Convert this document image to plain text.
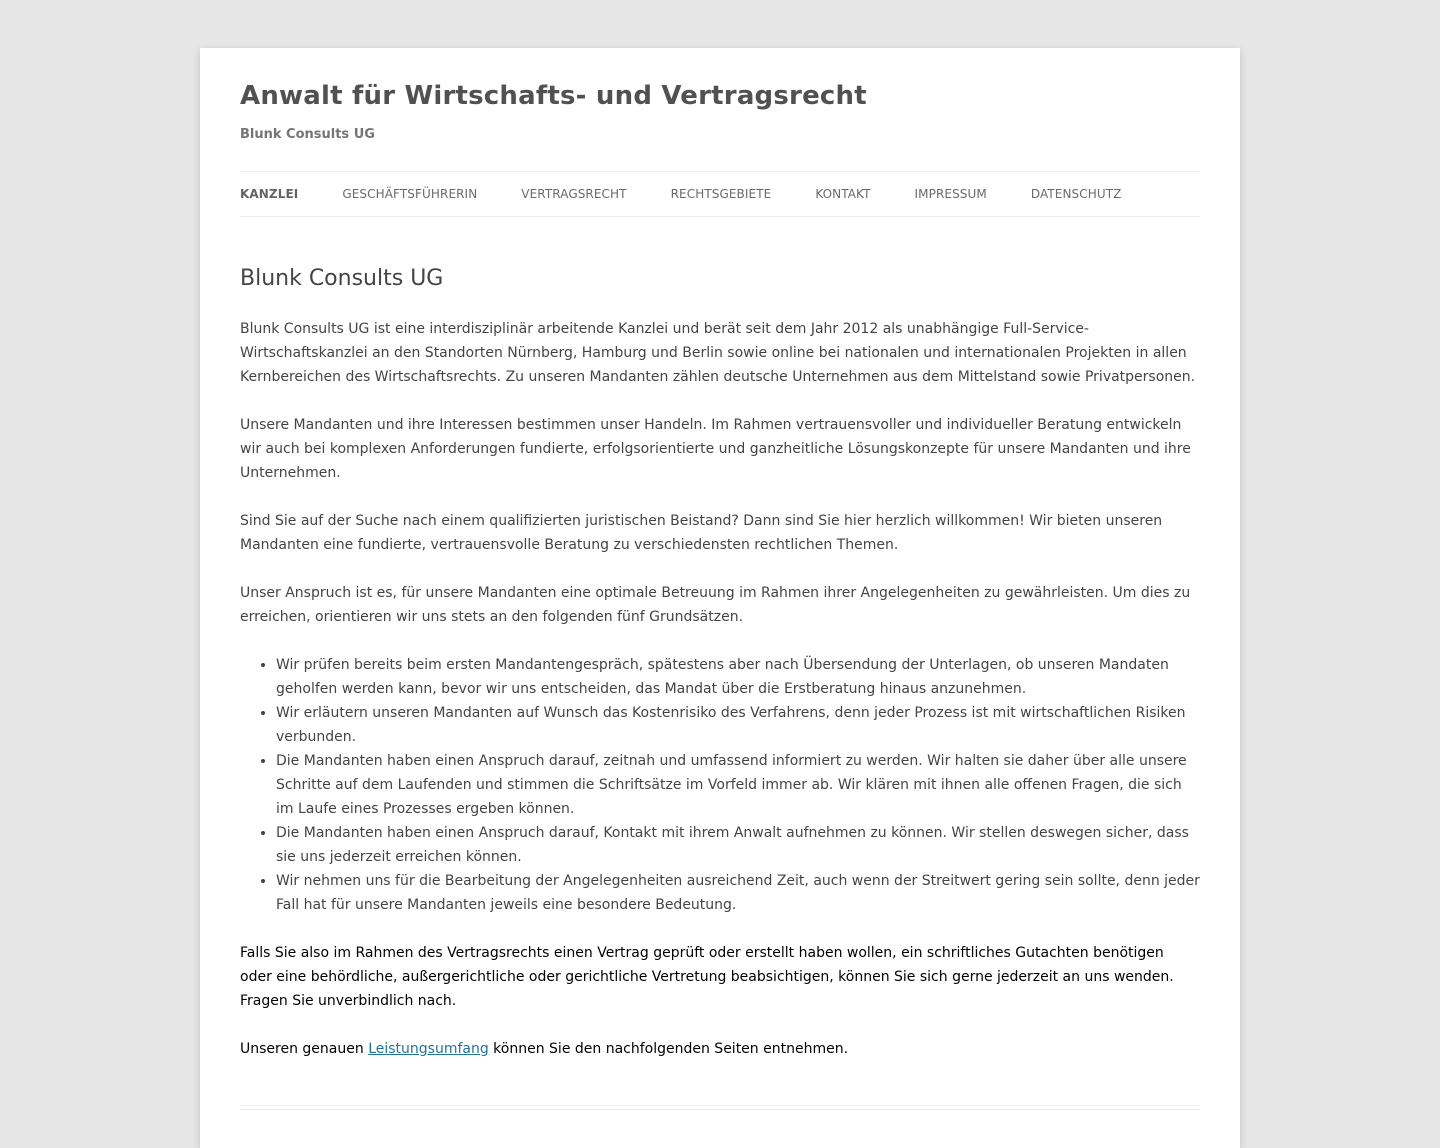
Anwalt für Wirtschafts- und Vertragsrecht
Blunk Consults UG
KANZLEI	GESCHÄFTSFÜHRERIN	VERTRAGSRECHT	RECHTSGEBIETE	KONTAKT	IMPRESSUM	DATENSCHUTZ
Blunk Consults UG

Blunk Consults UG ist eine interdisziplinär arbeitende Kanzlei und berät seit dem Jahr 2012 als unabhängige Full-Service-Wirtschaftskanzlei an den Standorten Nürnberg, Hamburg und Berlin sowie online bei nationalen und internationalen Projekten in allen Kernbereichen des Wirtschaftsrechts. Zu unseren Mandanten zählen deutsche Unternehmen aus dem Mittelstand sowie Privatpersonen.

Unsere Mandanten und ihre Interessen bestimmen unser Handeln. Im Rahmen vertrauensvoller und individueller Beratung entwickeln wir auch bei komplexen Anforderungen fundierte, erfolgsorientierte und ganzheitliche Lösungskonzepte für unsere Mandanten und ihre Unternehmen.

Sind Sie auf der Suche nach einem qualifizierten juristischen Beistand? Dann sind Sie hier herzlich willkommen! Wir bieten unseren Mandanten eine fundierte, vertrauensvolle Beratung zu verschiedensten rechtlichen Themen.

Unser Anspruch ist es, für unsere Mandanten eine optimale Betreuung im Rahmen ihrer Angelegenheiten zu gewährleisten. Um dies zu erreichen, orientieren wir uns stets an den folgenden fünf Grundsätzen.

• Wir prüfen bereits beim ersten Mandantengespräch, spätestens aber nach Übersendung der Unterlagen, ob unseren Mandaten geholfen werden kann, bevor wir uns entscheiden, das Mandat über die Erstberatung hinaus anzunehmen.
• Wir erläutern unseren Mandanten auf Wunsch das Kostenrisiko des Verfahrens, denn jeder Prozess ist mit wirtschaftlichen Risiken verbunden.
• Die Mandanten haben einen Anspruch darauf, zeitnah und umfassend informiert zu werden. Wir halten sie daher über alle unsere Schritte auf dem Laufenden und stimmen die Schriftsätze im Vorfeld immer ab. Wir klären mit ihnen alle offenen Fragen, die sich im Laufe eines Prozesses ergeben können.
• Die Mandanten haben einen Anspruch darauf, Kontakt mit ihrem Anwalt aufnehmen zu können. Wir stellen deswegen sicher, dass sie uns jederzeit erreichen können.
• Wir nehmen uns für die Bearbeitung der Angelegenheiten ausreichend Zeit, auch wenn der Streitwert gering sein sollte, denn jeder Fall hat für unsere Mandanten jeweils eine besondere Bedeutung.

Falls Sie also im Rahmen des Vertragsrechts einen Vertrag geprüft oder erstellt haben wollen, ein schriftliches Gutachten benötigen oder eine behördliche, außergerichtliche oder gerichtliche Vertretung beabsichtigen, können Sie sich gerne jederzeit an uns wenden. Fragen Sie unverbindlich nach.

Unseren genauen Leistungsumfang können Sie den nachfolgenden Seiten entnehmen.
